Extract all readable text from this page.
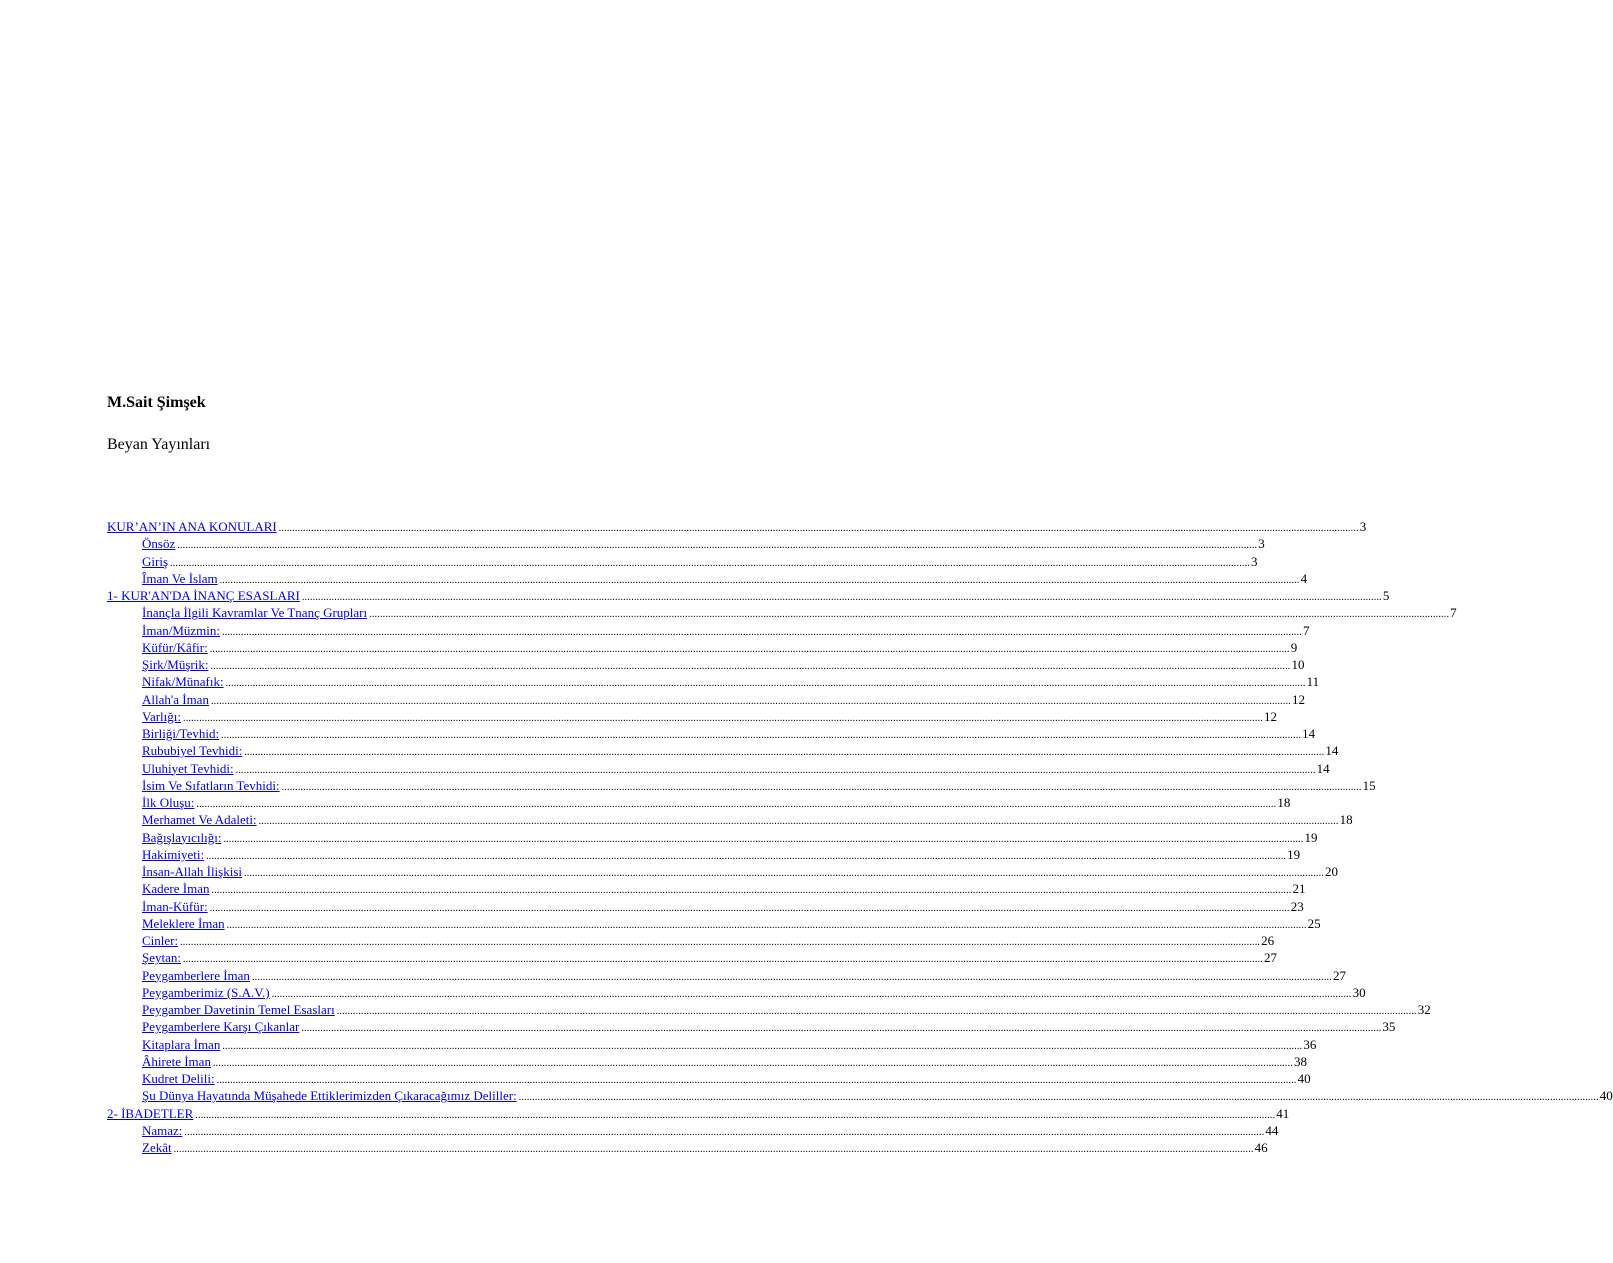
M.Sait Şimşek
Beyan Yayınları
KUR’AN’IN ANA KONULARI ................................................................................................................................................................................................................................................................................................................................................................................................................ 3
Önsöz ................................................................................................................................................................................................................................................................................................................................................................................................................ 3
Giriş ................................................................................................................................................................................................................................................................................................................................................................................................................ 3
Îman Ve İslam ................................................................................................................................................................................................................................................................................................................................................................................................................ 4
1- KUR'AN'DA İNANÇ ESASLARI ................................................................................................................................................................................................................................................................................................................................................................................................................ 5
İnançla İlgili Kavramlar Ve Tnanç Grupları ................................................................................................................................................................................................................................................................................................................................................................................................................ 7
İman/Müzmin: ................................................................................................................................................................................................................................................................................................................................................................................................................ 7
Küfür/Kâfir: ................................................................................................................................................................................................................................................................................................................................................................................................................ 9
Şirk/Müşrik: ................................................................................................................................................................................................................................................................................................................................................................................................................ 10
Nifak/Münafık: ................................................................................................................................................................................................................................................................................................................................................................................................................ 11
Allah'a İman ................................................................................................................................................................................................................................................................................................................................................................................................................ 12
Varlığı: ................................................................................................................................................................................................................................................................................................................................................................................................................ 12
Birliği/Tevhid: ................................................................................................................................................................................................................................................................................................................................................................................................................ 14
Rububiyel Tevhidi: ................................................................................................................................................................................................................................................................................................................................................................................................................ 14
Uluhiyet Tevhidi: ................................................................................................................................................................................................................................................................................................................................................................................................................ 14
İsim Ve Sıfatların Tevhidi: ................................................................................................................................................................................................................................................................................................................................................................................................................ 15
İlk Oluşu: ................................................................................................................................................................................................................................................................................................................................................................................................................ 18
Merhamet Ve Adaleti: ................................................................................................................................................................................................................................................................................................................................................................................................................ 18
Bağışlayıcılığı: ................................................................................................................................................................................................................................................................................................................................................................................................................ 19
Hakimiyeti: ................................................................................................................................................................................................................................................................................................................................................................................................................ 19
İnsan-Allah İlişkisi ................................................................................................................................................................................................................................................................................................................................................................................................................ 20
Kadere İman ................................................................................................................................................................................................................................................................................................................................................................................................................ 21
İman-Küfür: ................................................................................................................................................................................................................................................................................................................................................................................................................ 23
Meleklere İman ................................................................................................................................................................................................................................................................................................................................................................................................................ 25
Cinler: ................................................................................................................................................................................................................................................................................................................................................................................................................ 26
Şeytan: ................................................................................................................................................................................................................................................................................................................................................................................................................ 27
Peygamberlere İman ................................................................................................................................................................................................................................................................................................................................................................................................................ 27
Peygamberimiz (S.A.V.) ................................................................................................................................................................................................................................................................................................................................................................................................................ 30
Peygamber Davetinin Temel Esasları ................................................................................................................................................................................................................................................................................................................................................................................................................ 32
Peygamberlere Karşı Çıkanlar ................................................................................................................................................................................................................................................................................................................................................................................................................ 35
Kitaplara İman ................................................................................................................................................................................................................................................................................................................................................................................................................ 36
Âhirete İman ................................................................................................................................................................................................................................................................................................................................................................................................................ 38
Kudret Delili: ................................................................................................................................................................................................................................................................................................................................................................................................................ 40
Şu Dünya Hayatında Müşahede Ettiklerimizden Çıkaracağımız Deliller: ................................................................................................................................................................................................................................................................................................................................................................................................................ 40
2- İBADETLER ................................................................................................................................................................................................................................................................................................................................................................................................................ 41
Namaz: ................................................................................................................................................................................................................................................................................................................................................................................................................ 44
Zekât ................................................................................................................................................................................................................................................................................................................................................................................................................ 46
